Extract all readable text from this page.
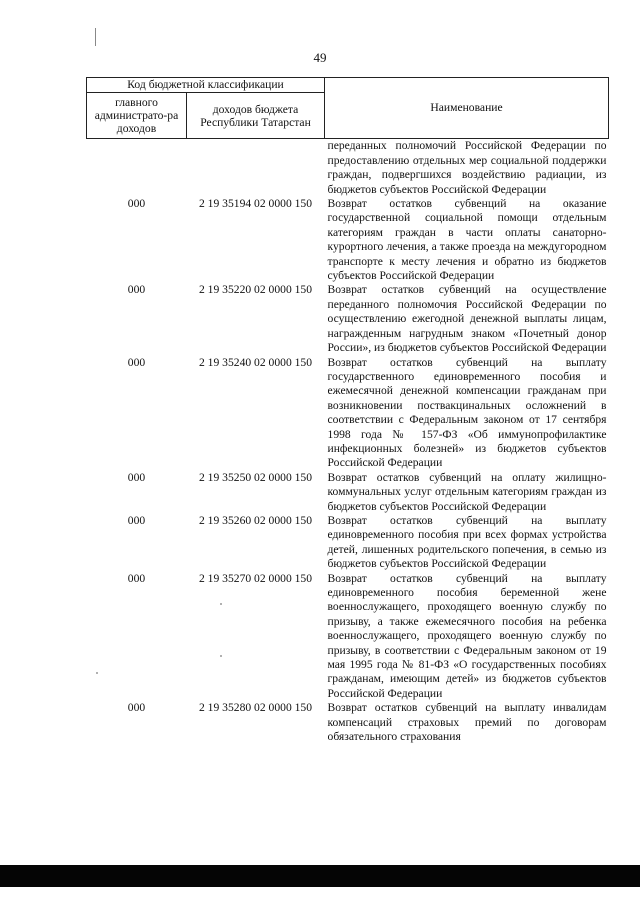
49
Код бюджетной классификации		Наименование
главного администрато-ра доходов	доходов бюджета Республики Татарстан	
		переданных полномочий Российской Федерации по предоставлению отдельных мер социальной поддержки граждан, подвергшихся воздействию радиации, из бюджетов субъектов Российской Федерации
000	2 19 35194 02 0000 150	Возврат остатков субвенций на оказание государственной социальной помощи отдельным категориям граждан в части оплаты санаторно-курортного лечения, а также проезда на междугородном транспорте к месту лечения и обратно из бюджетов субъектов Российской Федерации
000	2 19 35220 02 0000 150	Возврат остатков субвенций на осуществление переданного полномочия Российской Федерации по осуществлению ежегодной денежной выплаты лицам, награжденным нагрудным знаком «Почетный донор России», из бюджетов субъектов Российской Федерации
000	2 19 35240 02 0000 150	Возврат остатков субвенций на выплату государственного единовременного пособия и ежемесячной денежной компенсации гражданам при возникновении поствакцинальных осложнений в соответствии с Федеральным законом от 17 сентября 1998 года № 157-ФЗ «Об иммунопрофилактике инфекционных болезней» из бюджетов субъектов Российской Федерации
000	2 19 35250 02 0000 150	Возврат остатков субвенций на оплату жилищно-коммунальных услуг отдельным категориям граждан из бюджетов субъектов Российской Федерации
000	2 19 35260 02 0000 150	Возврат остатков субвенций на выплату единовременного пособия при всех формах устройства детей, лишенных родительского попечения, в семью из бюджетов субъектов Российской Федерации
000	2 19 35270 02 0000 150	Возврат остатков субвенций на выплату единовременного пособия беременной жене военнослужащего, проходящего военную службу по призыву, а также ежемесячного пособия на ребенка военнослужащего, проходящего военную службу по призыву, в соответствии с Федеральным законом от 19 мая 1995 года № 81-ФЗ «О государственных пособиях гражданам, имеющим детей» из бюджетов субъектов Российской Федерации
000	2 19 35280 02 0000 150	Возврат остатков субвенций на выплату инвалидам компенсаций страховых премий по договорам обязательного страхования
